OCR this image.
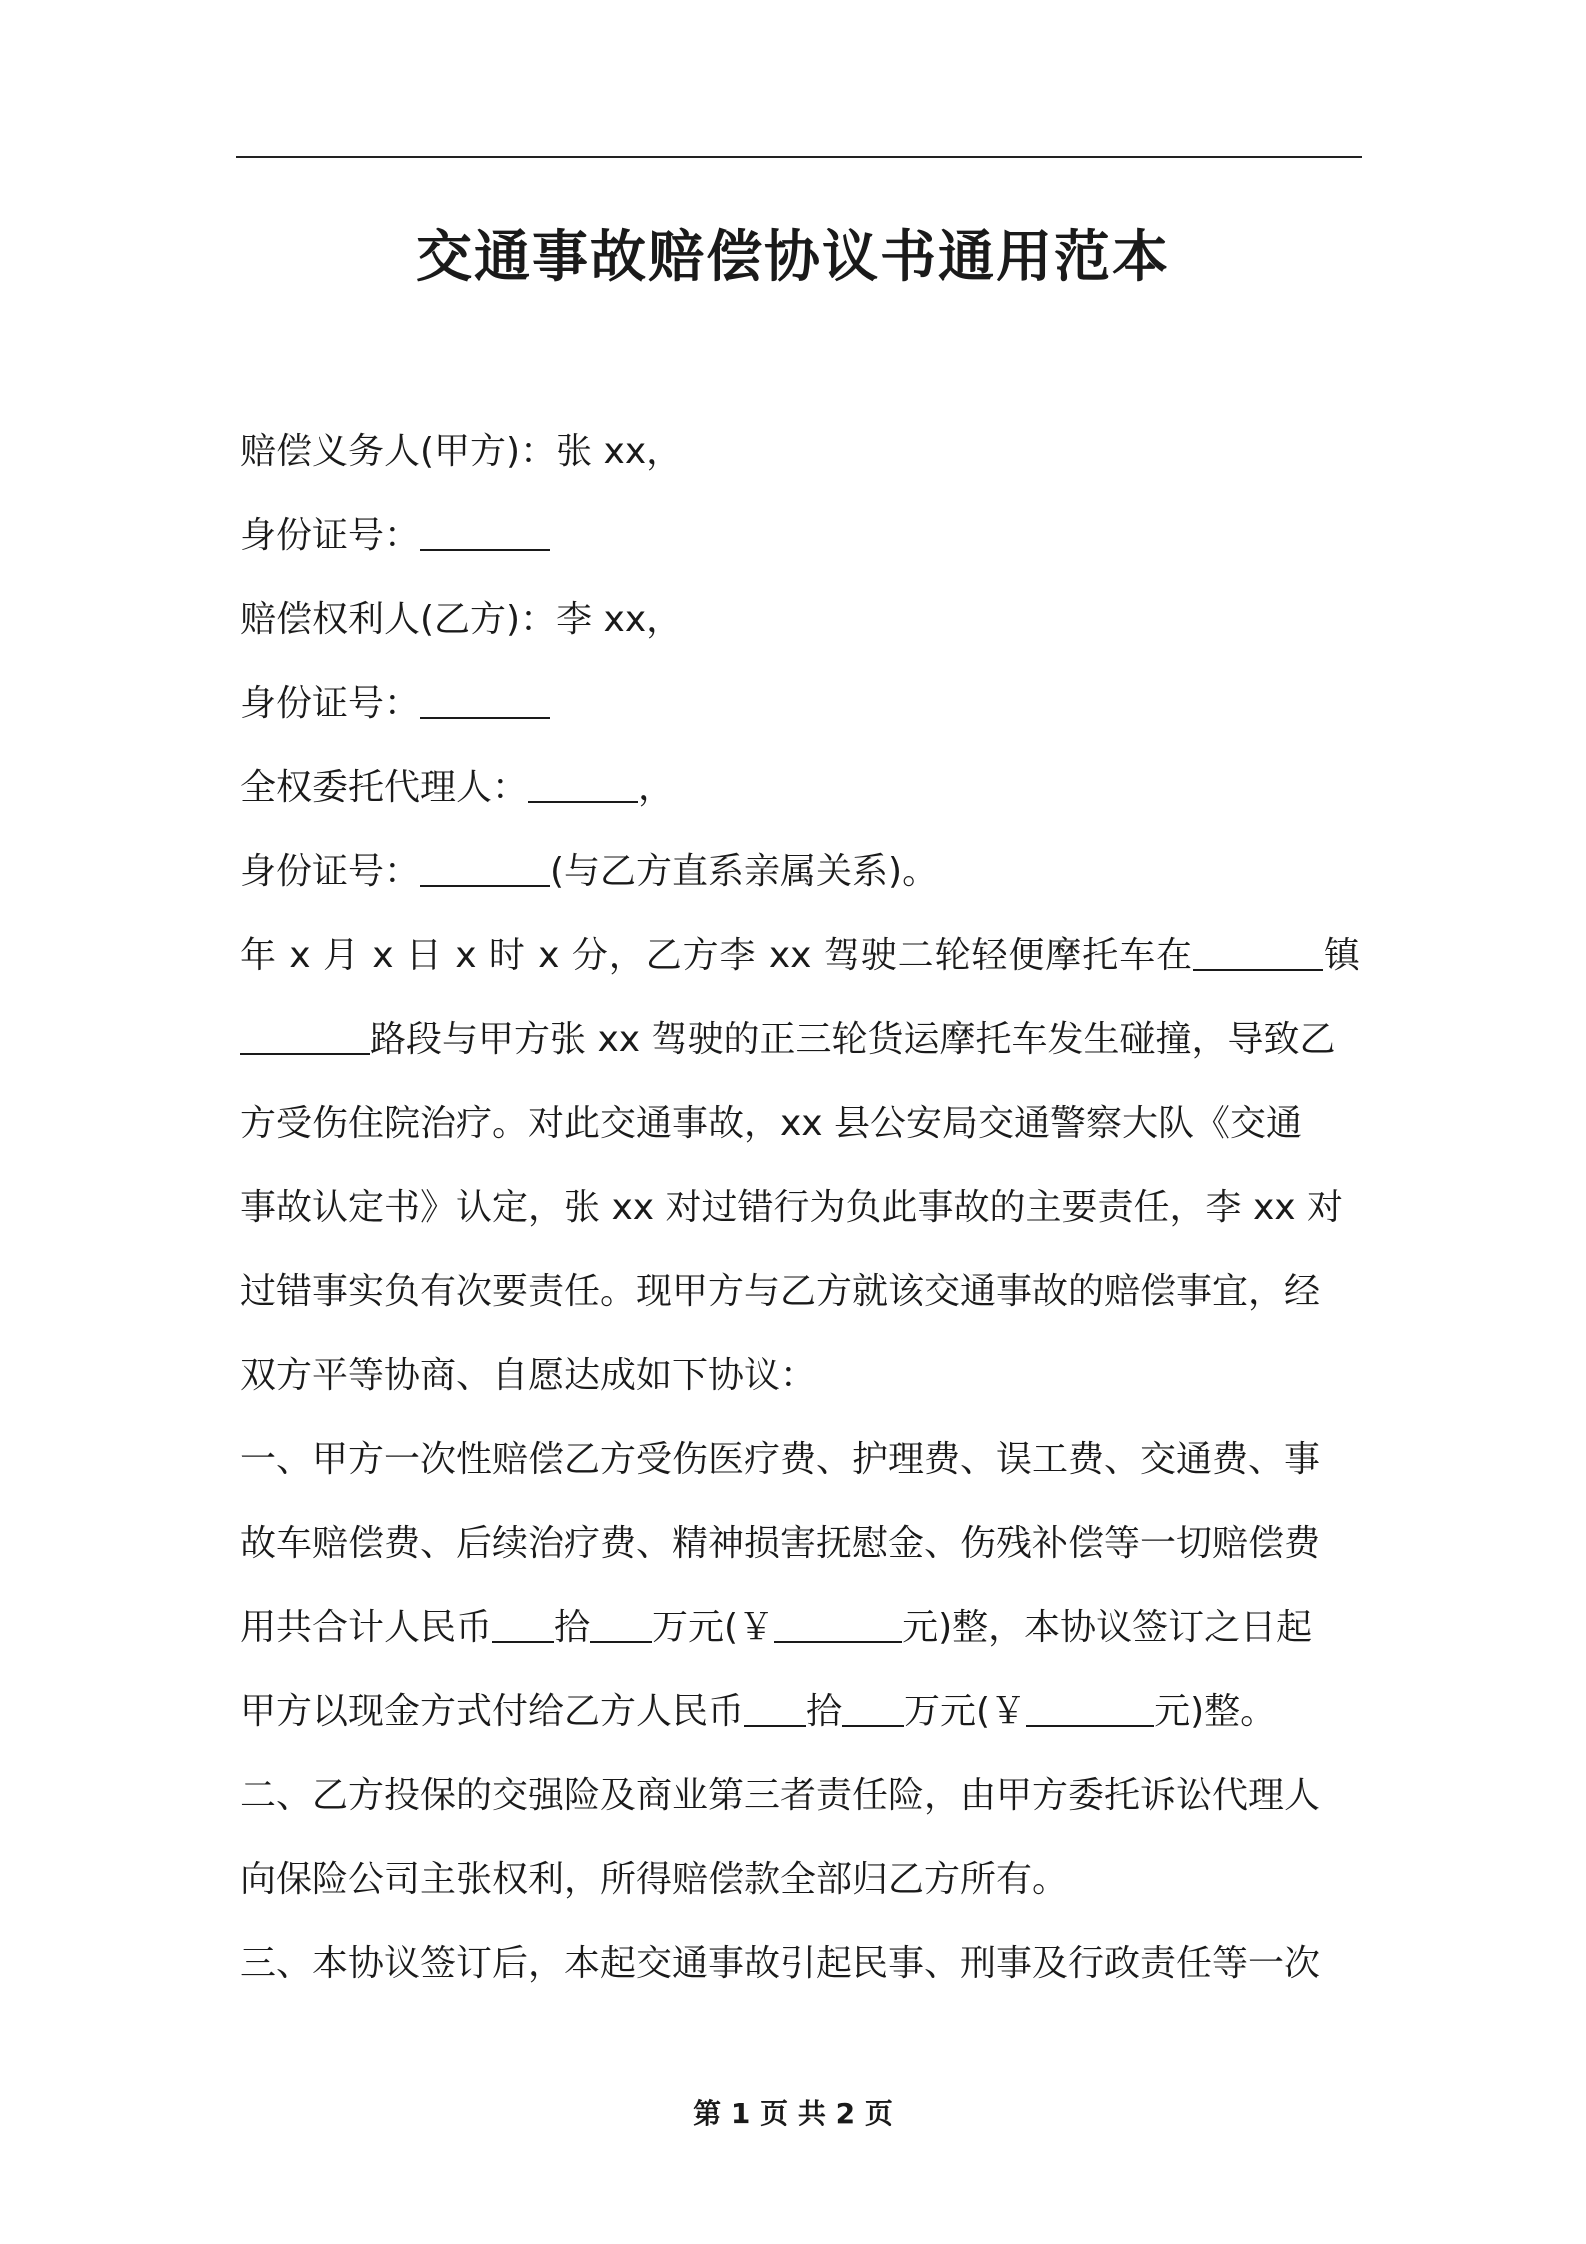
交通事故赔偿协议书通用范本
赔偿义务人(甲方)：张 xx，
身份证号：
赔偿权利人(乙方)：李 xx，
身份证号：
全权委托代理人：	，
身份证号：	(与乙方直系亲属关系)。
年 x 月 x 日 x 时 x 分，乙方李 xx 驾驶二轮轻便摩托车在	镇
路段与甲方张 xx 驾驶的正三轮货运摩托车发生碰撞，导致乙
方受伤住院治疗。对此交通事故，xx 县公安局交通警察大队《交通
事故认定书》认定，张 xx 对过错行为负此事故的主要责任，李 xx 对
过错事实负有次要责任。现甲方与乙方就该交通事故的赔偿事宜，经
双方平等协商、自愿达成如下协议：
一、甲方一次性赔偿乙方受伤医疗费、护理费、误工费、交通费、事
故车赔偿费、后续治疗费、精神损害抚慰金、伤残补偿等一切赔偿费
用共合计人民币 拾 万元(￥	元)整，本协议签订之日起
甲方以现金方式付给乙方人民币 拾 万元(￥	元)整。
二、乙方投保的交强险及商业第三者责任险，由甲方委托诉讼代理人
向保险公司主张权利，所得赔偿款全部归乙方所有。
三、本协议签订后，本起交通事故引起民事、刑事及行政责任等一次
第 1 页 共 2 页
